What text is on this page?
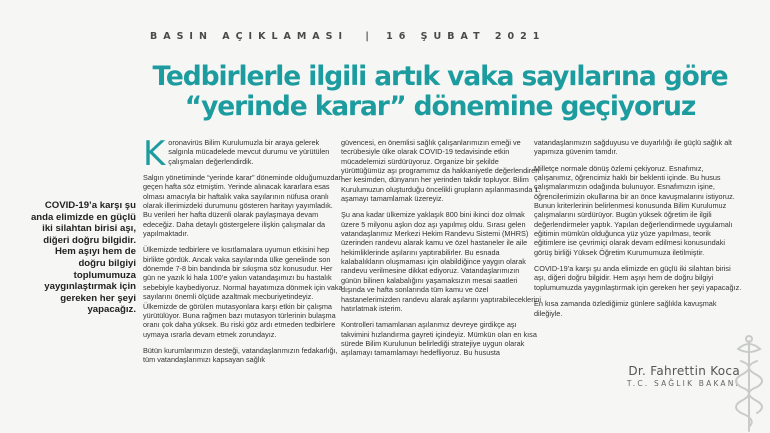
BASIN AÇIKLAMASI | 16 ŞUBAT 2021
Tedbirlerle ilgili artık vaka sayılarına göre
“yerinde karar” dönemine geçiyoruz
COVID-19’a karşı şu anda elimizde en güçlü iki silahtan birisi aşı, diğeri doğru bilgidir. Hem aşıyı hem de doğru bilgiyi toplumumuza yaygınlaştırmak için gereken her şeyi yapacağız.

Koronavirüs Bilim Kurulumuzla bir araya gelerek salgınla mücadelede mevcut durumu ve yürütülen çalışmaları değerlendirdik.

Salgın yönetiminde “yerinde karar” döneminde olduğumuzdan geçen hafta söz etmiştim. Yerinde alınacak kararlara esas olması amacıyla bir haftalık vaka sayılarının nüfusa oranlı olarak illerimizdeki durumunu gösteren haritayı yayımladık. Bu verileri her hafta düzenli olarak paylaşmaya devam edeceğiz. Daha detaylı göstergelere ilişkin çalışmalar da yapılmaktadır.

Ülkemizde tedbirlere ve kısıtlamalara uyumun etkisini hep birlikte gördük. Ancak vaka sayılarında ülke genelinde son dönemde 7-8 bin bandında bir sıkışma söz konusudur. Her gün ne yazık ki hala 100’e yakın vatandaşımızı bu hastalık sebebiyle kaybediyoruz. Normal hayatımıza dönmek için vaka sayılarını önemli ölçüde azaltmak mecburiyetindeyiz. Ülkemizde de görülen mutasyonlara karşı etkin bir çalışma yürütülüyor. Buna rağmen bazı mutasyon türlerinin bulaşma oranı çok daha yüksek. Bu riski göz ardı etmeden tedbirlere uymaya ısrarla devam etmek zorundayız.

Bütün kurumlarımızın desteği, vatandaşlarımızın fedakarlığı, tüm vatandaşlarımızı kapsayan sağlık

güvencesi, en önemlisi sağlık çalışanlarımızın emeği ve tecrübesiyle ülke olarak COVID-19 tedavisinde etkin mücadelemizi sürdürüyoruz. Organize bir şekilde yürüttüğümüz aşı programımız da hakkaniyetle değerlendiren her kesimden, dünyanın her yerinden takdir topluyor. Bilim Kurulumuzun oluşturduğu öncelikli grupların aşılanmasında 1. aşamayı tamamlamak üzereyiz.

Şu ana kadar ülkemize yaklaşık 800 bini ikinci doz olmak üzere 5 milyonu aşkın doz aşı yapılmış oldu. Sırası gelen vatandaşlarımız Merkezi Hekim Randevu Sistemi (MHRS) üzerinden randevu alarak kamu ve özel hastaneler ile aile hekimliklerinde aşılarını yaptırabilirler. Bu esnada kalabalıkların oluşmaması için olabildiğince yaygın olarak randevu verilmesine dikkat ediyoruz. Vatandaşlarımızın günün bilinen kalabalığını yaşamaksızın mesai saatleri dışında ve hafta sonlarında tüm kamu ve özel hastanelerimizden randevu alarak aşılarını yaptırabileceklerini hatırlatmak isterim.

Kontrolleri tamamlanan aşılarımız devreye girdikçe aşı takvimini hızlandırma gayreti içindeyiz. Mümkün olan en kısa sürede Bilim Kurulunun belirlediği stratejiye uygun olarak aşılamayı tamamlamayı hedefliyoruz. Bu hususta

vatandaşlarımızın sağduyusu ve duyarlılığı ile güçlü sağlık alt yapımıza güvenim tamdır.

Milletçe normale dönüş özlemi çekiyoruz. Esnafımız, çalışanımız, öğrencimiz haklı bir beklenti içinde. Bu husus çalışmalarımızın odağında bulunuyor. Esnafımızın işine, öğrencilerimizin okullarına bir an önce kavuşmalarını istiyoruz. Bunun kriterlerinin belirlenmesi konusunda Bilim Kurulumuz çalışmalarını sürdürüyor. Bugün yüksek öğretim ile ilgili değerlendirmeler yaptık. Yapılan değerlendirmede uygulamalı eğitimin mümkün olduğunca yüz yüze yapılması, teorik eğitimlere ise çevrimiçi olarak devam edilmesi konusundaki görüş birliği Yüksek Öğretim Kurumumuza iletilmiştir.

COVID-19’a karşı şu anda elimizde en güçlü iki silahtan birisi aşı, diğeri doğru bilgidir. Hem aşıyı hem de doğru bilgiyi toplumumuzda yaygınlaştırmak için gereken her şeyi yapacağız.

En kısa zamanda özlediğimiz günlere sağlıkla kavuşmak dileğiyle.

Dr. Fahrettin Koca
T.C. SAĞLIK BAKANI
